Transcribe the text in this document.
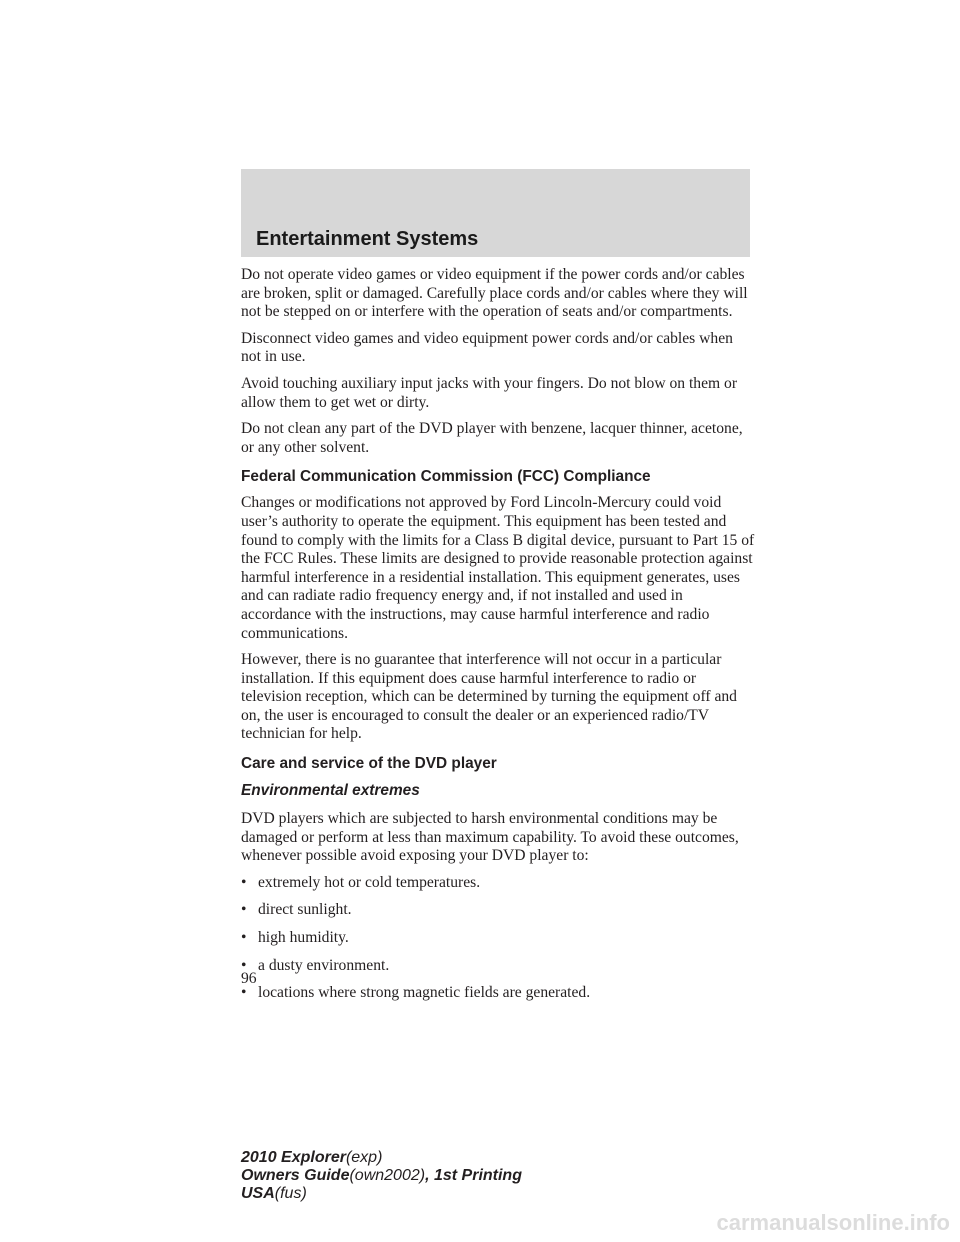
Entertainment Systems

Do not operate video games or video equipment if the power cords and/or cables are broken, split or damaged. Carefully place cords and/or cables where they will not be stepped on or interfere with the operation of seats and/or compartments.

Disconnect video games and video equipment power cords and/or cables when not in use.

Avoid touching auxiliary input jacks with your fingers. Do not blow on them or allow them to get wet or dirty.

Do not clean any part of the DVD player with benzene, lacquer thinner, acetone, or any other solvent.

Federal Communication Commission (FCC) Compliance

Changes or modifications not approved by Ford Lincoln-Mercury could void user’s authority to operate the equipment. This equipment has been tested and found to comply with the limits for a Class B digital device, pursuant to Part 15 of the FCC Rules. These limits are designed to provide reasonable protection against harmful interference in a residential installation. This equipment generates, uses and can radiate radio frequency energy and, if not installed and used in accordance with the instructions, may cause harmful interference and radio communications.

However, there is no guarantee that interference will not occur in a particular installation. If this equipment does cause harmful interference to radio or television reception, which can be determined by turning the equipment off and on, the user is encouraged to consult the dealer or an experienced radio/TV technician for help.

Care and service of the DVD player
Environmental extremes

DVD players which are subjected to harsh environmental conditions may be damaged or perform at less than maximum capability. To avoid these outcomes, whenever possible avoid exposing your DVD player to:

• extremely hot or cold temperatures.
• direct sunlight.
• high humidity.
• a dusty environment.
• locations where strong magnetic fields are generated.
96
2010 Explorer(exp)
Owners Guide(own2002), 1st Printing
USA(fus)
carmanualsonline.info
